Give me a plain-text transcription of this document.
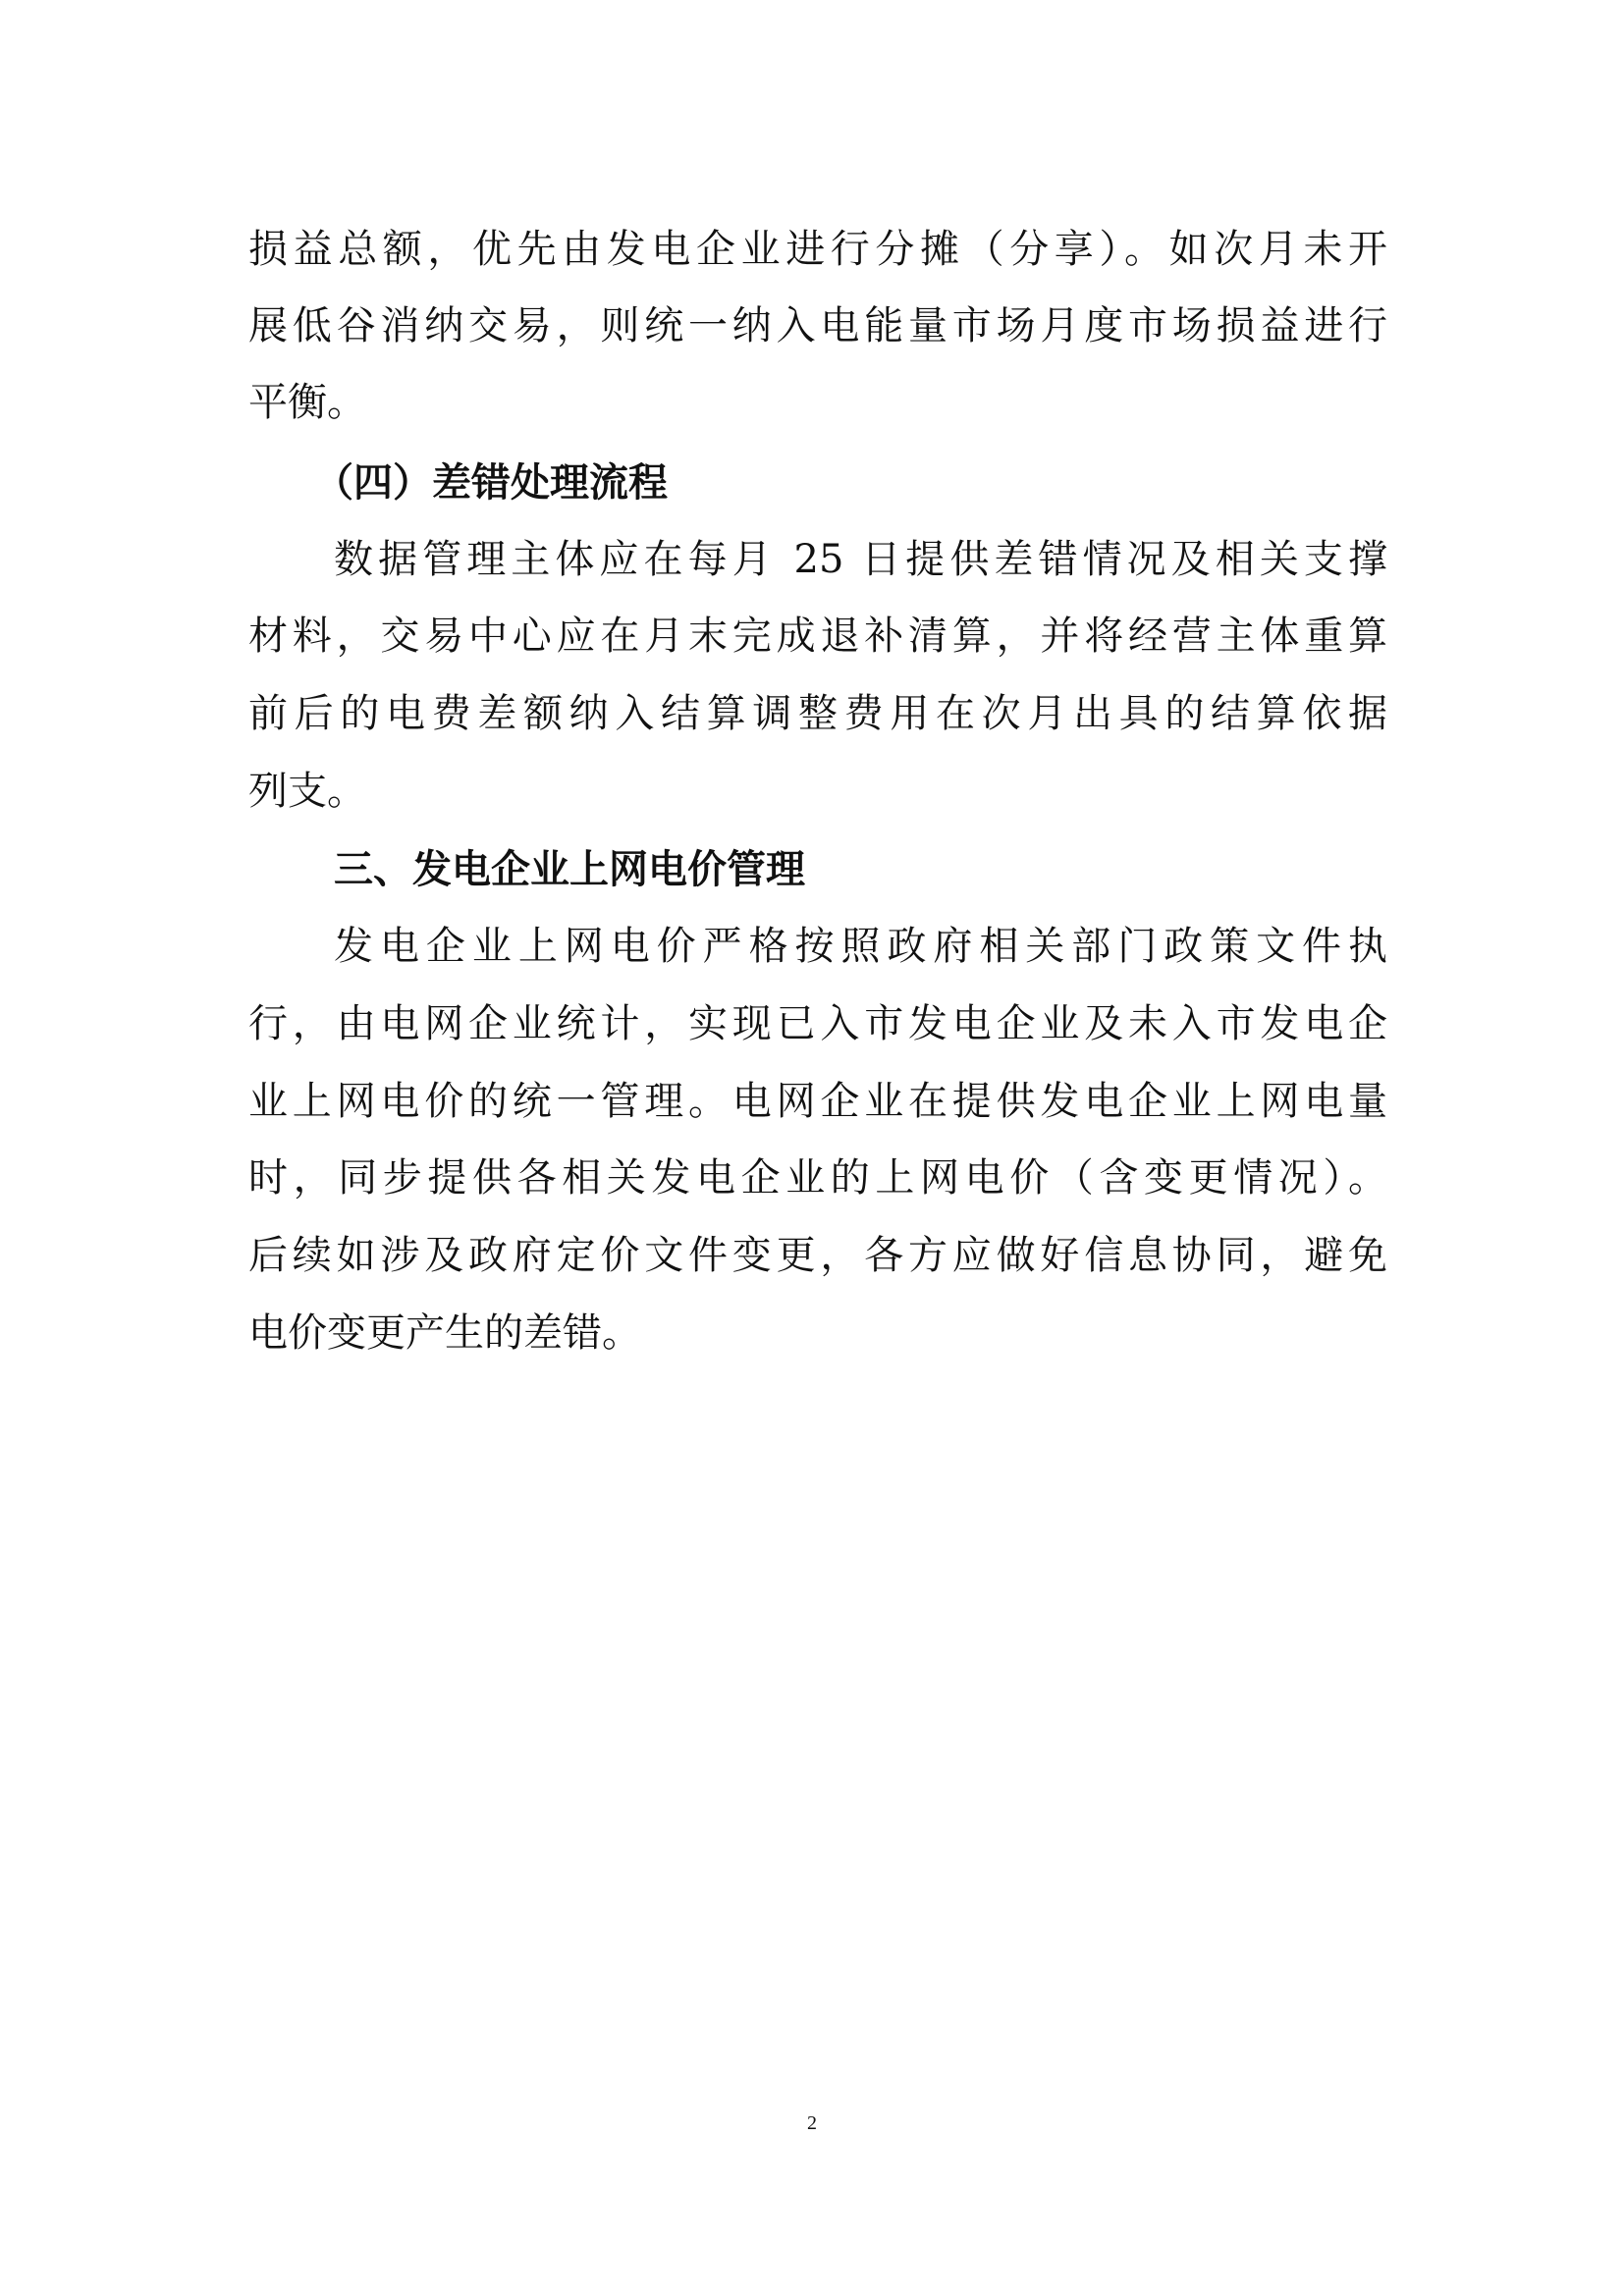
损益总额，优先由发电企业进行分摊（分享）。如次月未开
展低谷消纳交易，则统一纳入电能量市场月度市场损益进行
平衡。
（四）差错处理流程
数据管理主体应在每月 25 日提供差错情况及相关支撑
材料，交易中心应在月末完成退补清算，并将经营主体重算
前后的电费差额纳入结算调整费用在次月出具的结算依据
列支。
三、发电企业上网电价管理
发电企业上网电价严格按照政府相关部门政策文件执
行，由电网企业统计，实现已入市发电企业及未入市发电企
业上网电价的统一管理。电网企业在提供发电企业上网电量
时，同步提供各相关发电企业的上网电价（含变更情况）。
后续如涉及政府定价文件变更，各方应做好信息协同，避免
电价变更产生的差错。
2
